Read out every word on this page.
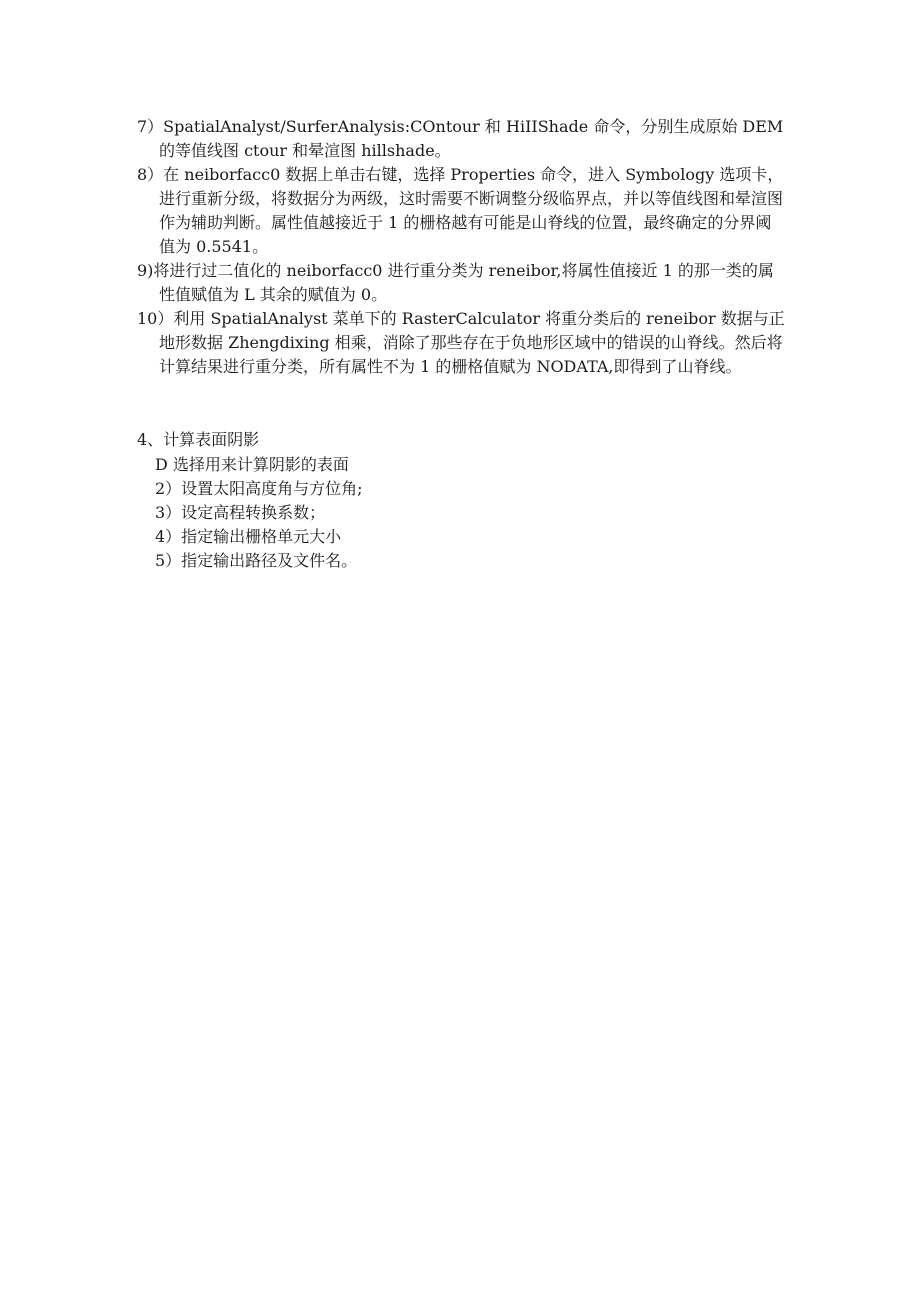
7）SpatialAnalyst/SurferAnalysis:COntour 和 HiIIShade 命令，分别生成原始 DEM 的等值线图 ctour 和晕渲图 hillshade。

8）在 neiborfacc0 数据上单击右键，选择 Properties 命令，进入 Symbology 选项卡，进行重新分级，将数据分为两级，这时需要不断调整分级临界点，并以等值线图和晕渲图作为辅助判断。属性值越接近于 1 的栅格越有可能是山脊线的位置，最终确定的分界阈值为 0.5541。

9)将进行过二值化的 neiborfacc0 进行重分类为 reneibor,将属性值接近 1 的那一类的属性值赋值为 L 其余的赋值为 0。

10）利用 SpatialAnalyst 菜单下的 RasterCalculator 将重分类后的 reneibor 数据与正地形数据 Zhengdixing 相乘，消除了那些存在于负地形区域中的错误的山脊线。然后将计算结果进行重分类，所有属性不为 1 的栅格值赋为 NODATA,即得到了山脊线。

4、计算表面阴影

D 选择用来计算阴影的表面

2）设置太阳高度角与方位角;

3）设定高程转换系数；

4）指定输出栅格单元大小

5）指定输出路径及文件名。
